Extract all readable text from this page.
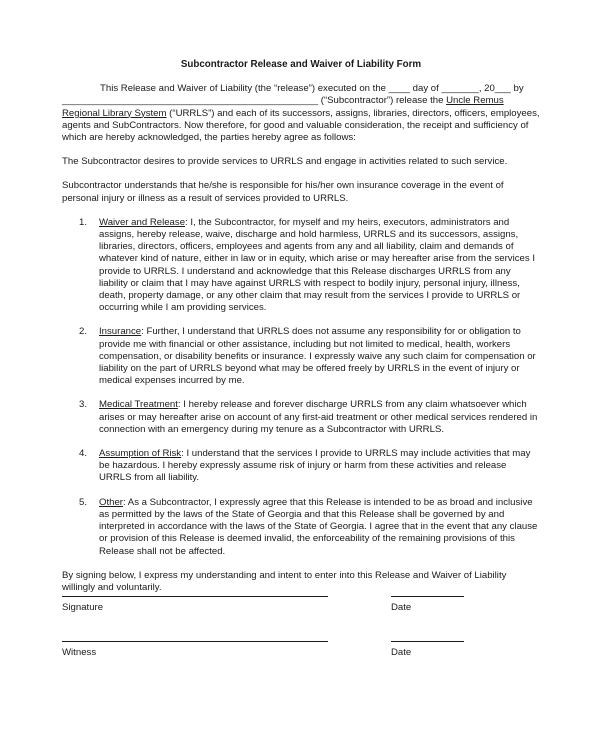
Subcontractor Release and Waiver of Liability Form

This Release and Waiver of Liability (the “release”) executed on the ____ day of _______, 20___ by ________________________________________________ (“Subcontractor”) release the Uncle Remus Regional Library System (“URRLS”) and each of its successors, assigns, libraries, directors, officers, employees, agents and SubContractors. Now therefore, for good and valuable consideration, the receipt and sufficiency of which are hereby acknowledged, the parties hereby agree as follows:

The Subcontractor desires to provide services to URRLS and engage in activities related to such service.

Subcontractor understands that he/she is responsible for his/her own insurance coverage in the event of personal injury or illness as a result of services provided to URRLS.

1. Waiver and Release: I, the Subcontractor, for myself and my heirs, executors, administrators and assigns, hereby release, waive, discharge and hold harmless, URRLS and its successors, assigns, libraries, directors, officers, employees and agents from any and all liability, claim and demands of whatever kind of nature, either in law or in equity, which arise or may hereafter arise from the services I provide to URRLS. I understand and acknowledge that this Release discharges URRLS from any liability or claim that I may have against URRLS with respect to bodily injury, personal injury, illness, death, property damage, or any other claim that may result from the services I provide to URRLS or occurring while I am providing services.
2. Insurance: Further, I understand that URRLS does not assume any responsibility for or obligation to provide me with financial or other assistance, including but not limited to medical, health, workers compensation, or disability benefits or insurance. I expressly waive any such claim for compensation or liability on the part of URRLS beyond what may be offered freely by URRLS in the event of injury or medical expenses incurred by me.
3. Medical Treatment: I hereby release and forever discharge URRLS from any claim whatsoever which arises or may hereafter arise on account of any first-aid treatment or other medical services rendered in connection with an emergency during my tenure as a Subcontractor with URRLS.
4. Assumption of Risk: I understand that the services I provide to URRLS may include activities that may be hazardous. I hereby expressly assume risk of injury or harm from these activities and release URRLS from all liability.
5. Other: As a Subcontractor, I expressly agree that this Release is intended to be as broad and inclusive as permitted by the laws of the State of Georgia and that this Release shall be governed by and interpreted in accordance with the laws of the State of Georgia. I agree that in the event that any clause or provision of this Release is deemed invalid, the enforceability of the remaining provisions of this Release shall not be affected.

By signing below, I express my understanding and intent to enter into this Release and Waiver of Liability willingly and voluntarily.

Signature	Date
Witness	Date
